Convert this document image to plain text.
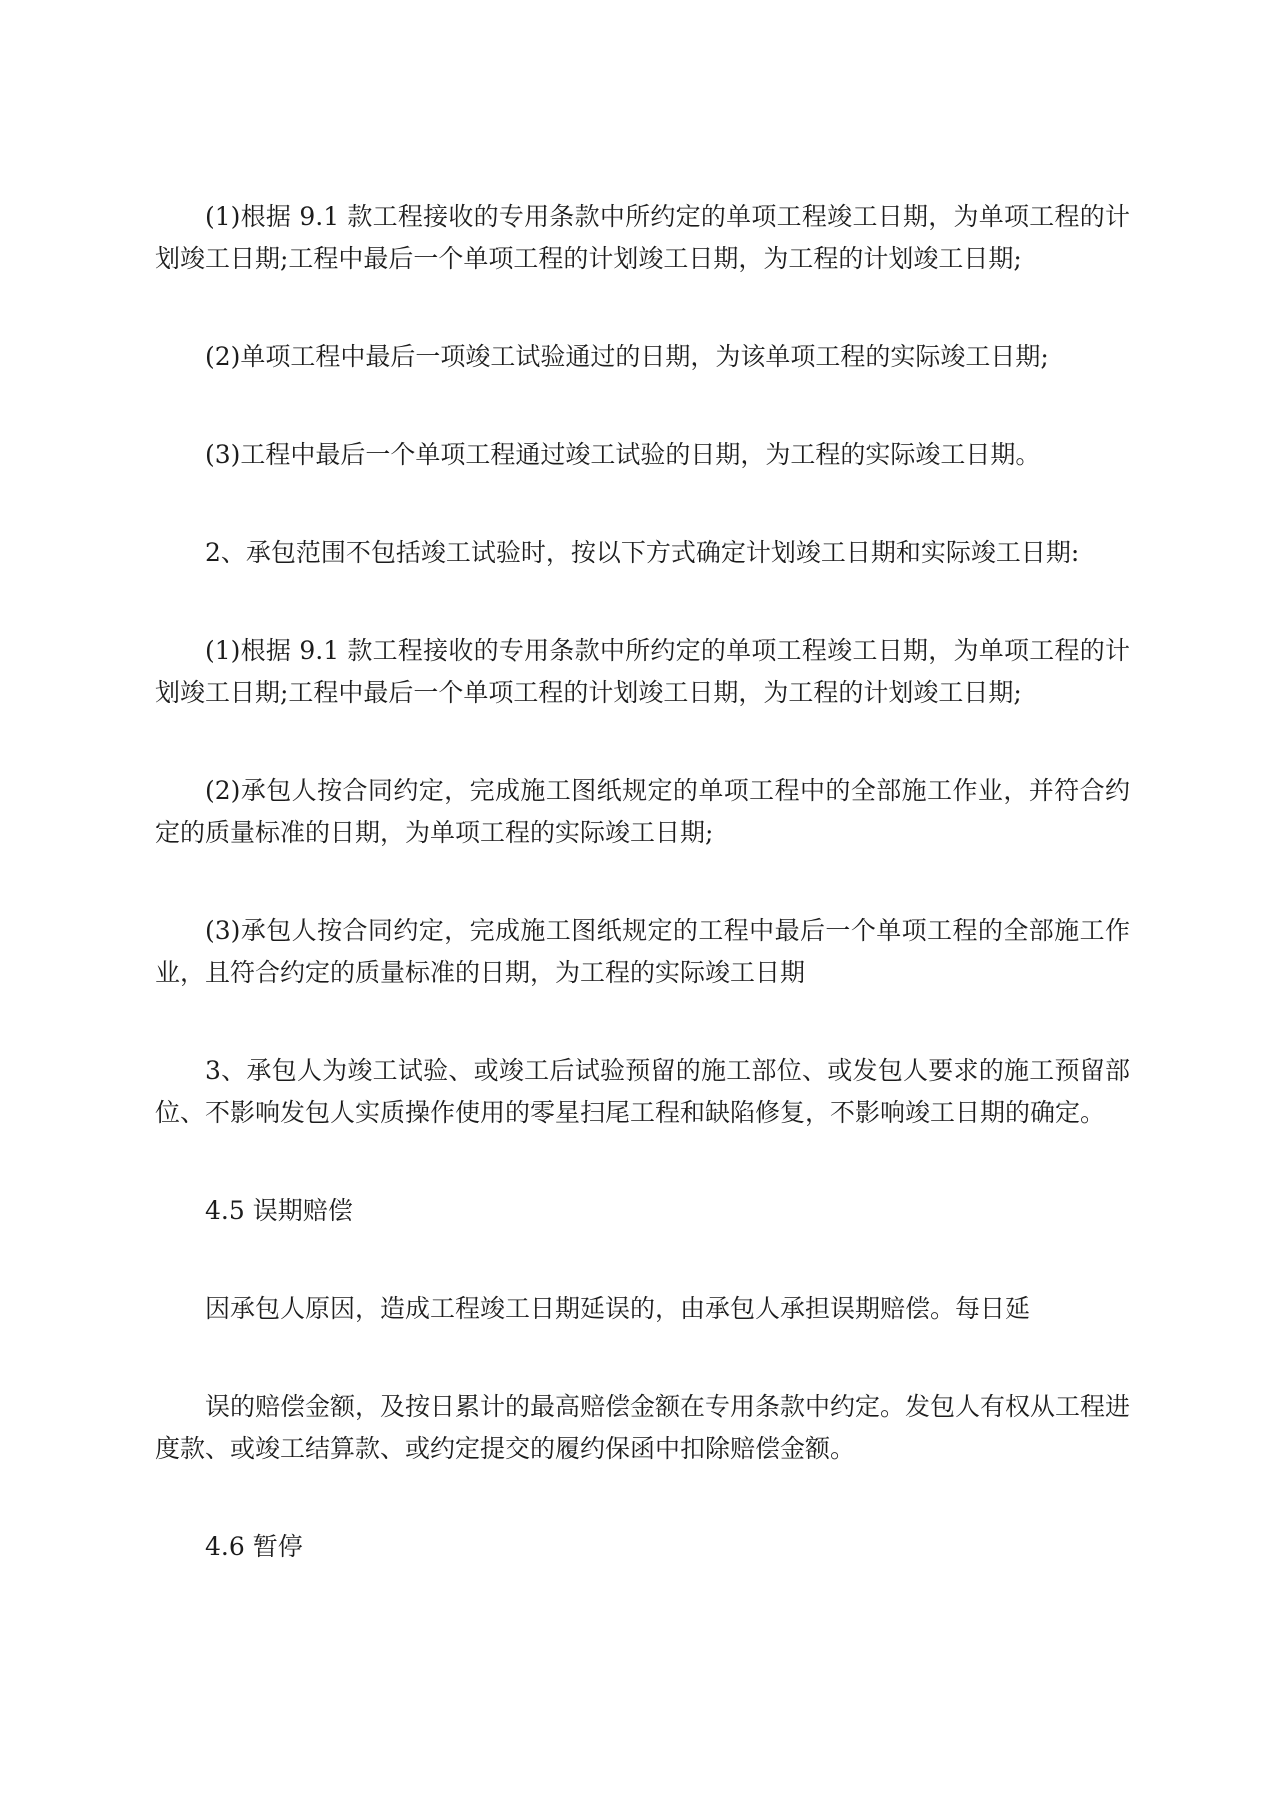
(1)根据 9.1 款工程接收的专用条款中所约定的单项工程竣工日期，为单项工程的计划竣工日期;工程中最后一个单项工程的计划竣工日期，为工程的计划竣工日期;

(2)单项工程中最后一项竣工试验通过的日期，为该单项工程的实际竣工日期;

(3)工程中最后一个单项工程通过竣工试验的日期，为工程的实际竣工日期。

2、承包范围不包括竣工试验时，按以下方式确定计划竣工日期和实际竣工日期:

(1)根据 9.1 款工程接收的专用条款中所约定的单项工程竣工日期，为单项工程的计划竣工日期;工程中最后一个单项工程的计划竣工日期，为工程的计划竣工日期;

(2)承包人按合同约定，完成施工图纸规定的单项工程中的全部施工作业，并符合约定的质量标准的日期，为单项工程的实际竣工日期;

(3)承包人按合同约定，完成施工图纸规定的工程中最后一个单项工程的全部施工作业，且符合约定的质量标准的日期，为工程的实际竣工日期

3、承包人为竣工试验、或竣工后试验预留的施工部位、或发包人要求的施工预留部位、不影响发包人实质操作使用的零星扫尾工程和缺陷修复，不影响竣工日期的确定。

4.5 误期赔偿

因承包人原因，造成工程竣工日期延误的，由承包人承担误期赔偿。每日延

误的赔偿金额，及按日累计的最高赔偿金额在专用条款中约定。发包人有权从工程进度款、或竣工结算款、或约定提交的履约保函中扣除赔偿金额。

4.6 暂停
